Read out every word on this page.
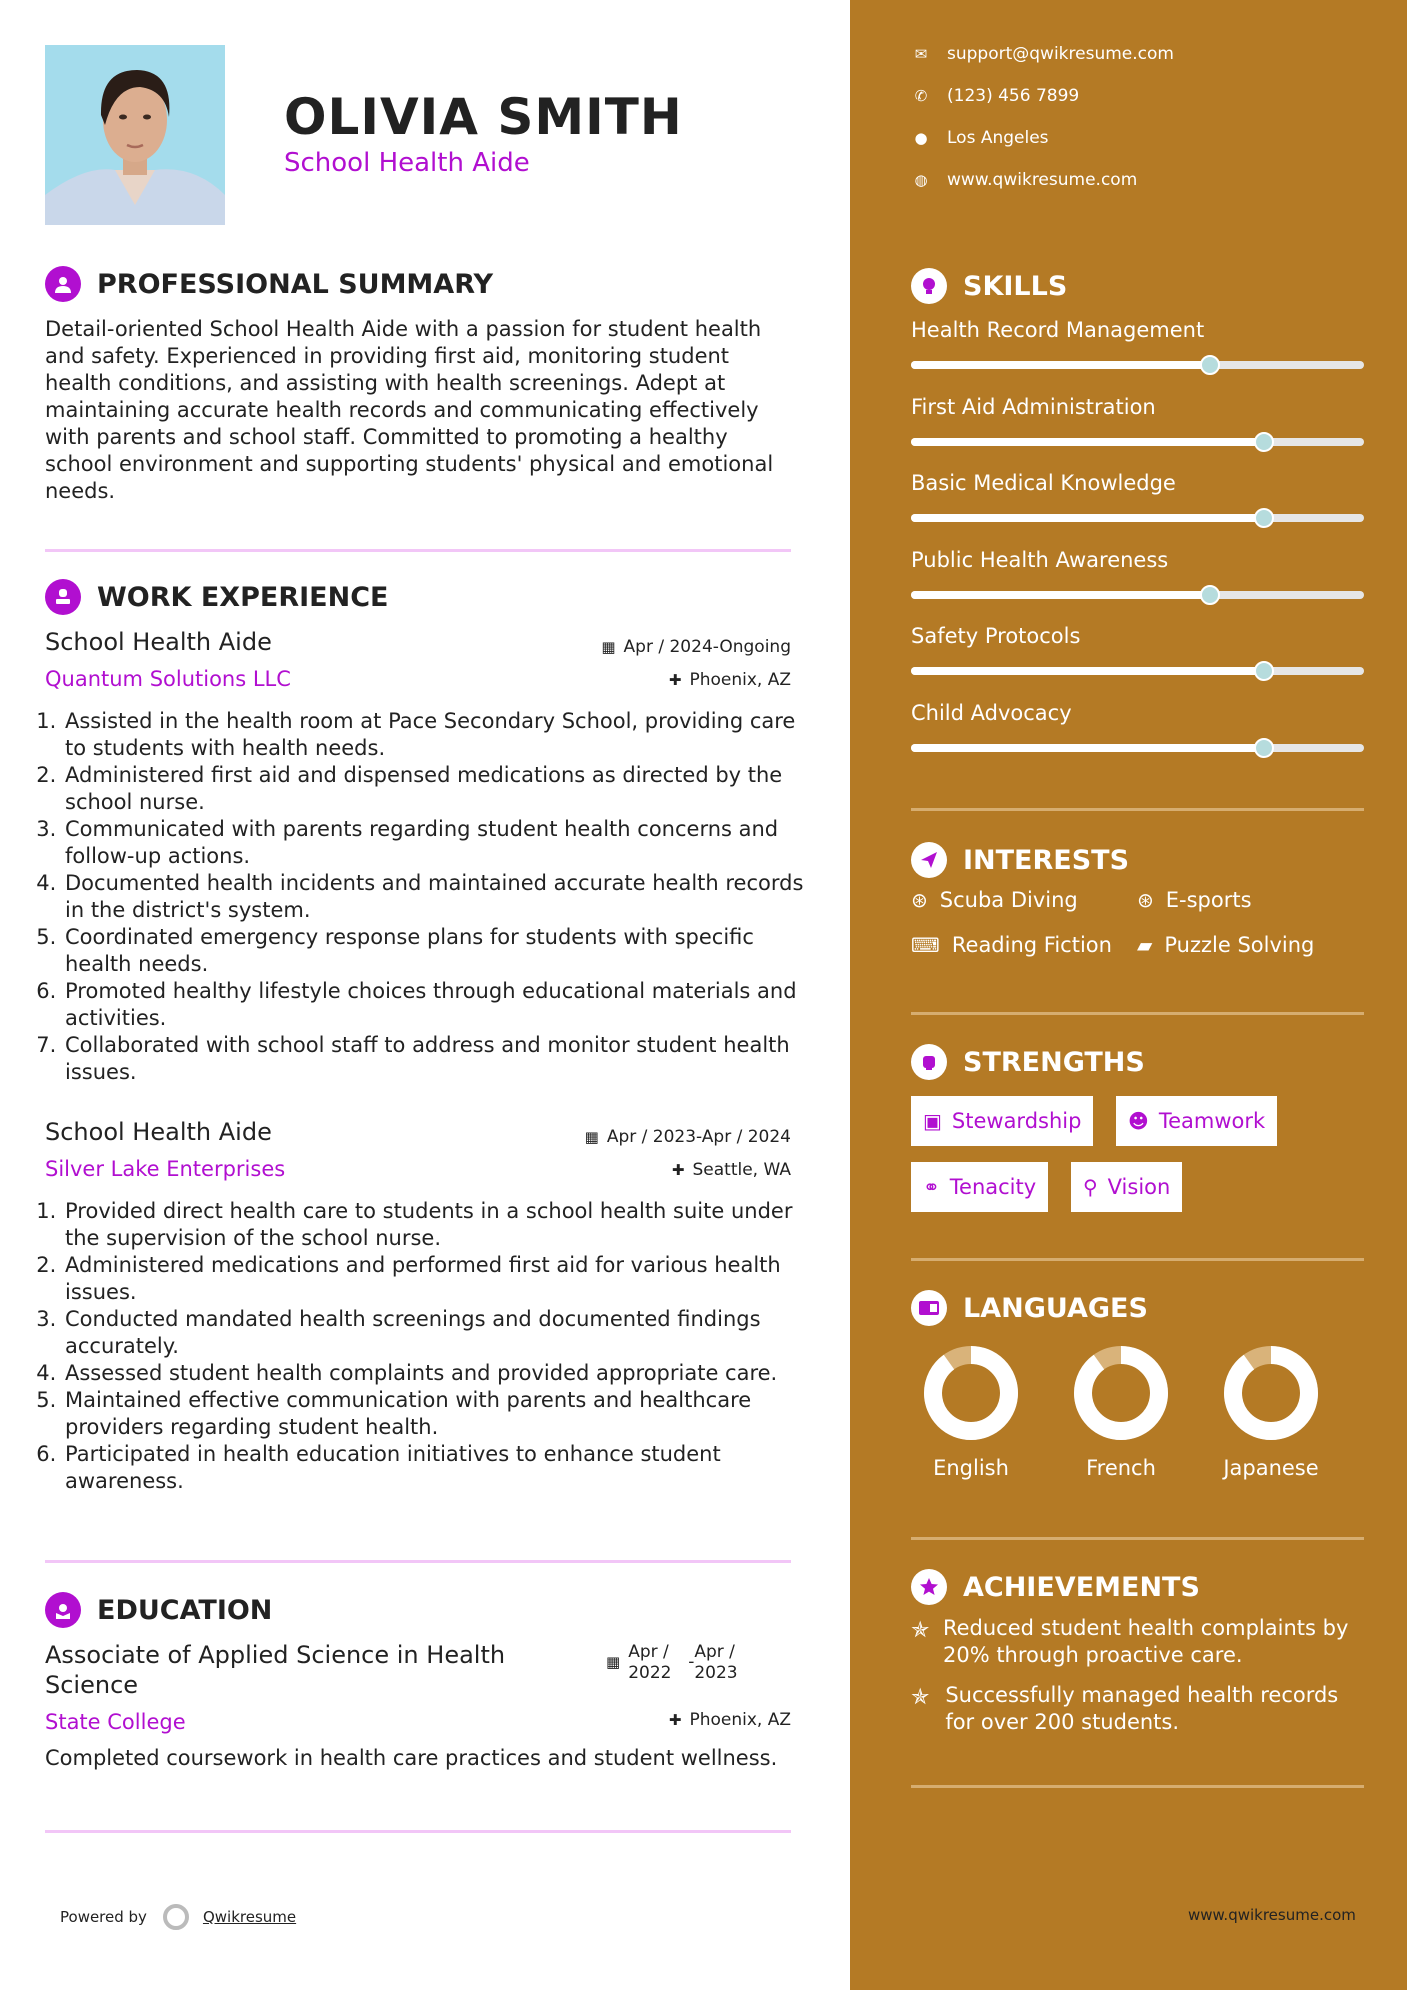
OLIVIA SMITH
School Health Aide
PROFESSIONAL SUMMARY
Detail-oriented School Health Aide with a passion for student health and safety. Experienced in providing first aid, monitoring student health conditions, and assisting with health screenings. Adept at maintaining accurate health records and communicating effectively with parents and school staff. Committed to promoting a healthy school environment and supporting students' physical and emotional needs.
WORK EXPERIENCE
School Health Aide
Quantum Solutions LLC
▦ Apr / 2024-Ongoing
✚ Phoenix, AZ
1. Assisted in the health room at Pace Secondary School, providing care to students with health needs.
2. Administered first aid and dispensed medications as directed by the school nurse.
3. Communicated with parents regarding student health concerns and follow-up actions.
4. Documented health incidents and maintained accurate health records in the district's system.
5. Coordinated emergency response plans for students with specific health needs.
6. Promoted healthy lifestyle choices through educational materials and activities.
7. Collaborated with school staff to address and monitor student health issues.
School Health Aide
Silver Lake Enterprises
▦ Apr / 2023-Apr / 2024
✚ Seattle, WA
1. Provided direct health care to students in a school health suite under the supervision of the school nurse.
2. Administered medications and performed first aid for various health issues.
3. Conducted mandated health screenings and documented findings accurately.
4. Assessed student health complaints and provided appropriate care.
5. Maintained effective communication with parents and healthcare providers regarding student health.
6. Participated in health education initiatives to enhance student awareness.
EDUCATION
Associate of Applied Science in Health Science
▦ Apr /
2022
- Apr /
2023
State College	✚ Phoenix, AZ
Completed coursework in health care practices and student wellness.
Powered by	Qwikresume
✉ support@qwikresume.com
✆ (123) 456 7899
● Los Angeles
◍ www.qwikresume.com
SKILLS
Health Record Management
First Aid Administration
Basic Medical Knowledge
Public Health Awareness
Safety Protocols
Child Advocacy
INTERESTS
⊛ Scuba Diving	⊛ E-sports
⌨ Reading Fiction ▰ Puzzle Solving
STRENGTHS
▣ Stewardship ☻ Teamwork
⚭ Tenacity ⚲ Vision
LANGUAGES
English	French	Japanese
ACHIEVEMENTS
✯ Reduced student health complaints by 20% through proactive care.
✯ Successfully managed health records for over 200 students.
www.qwikresume.com
